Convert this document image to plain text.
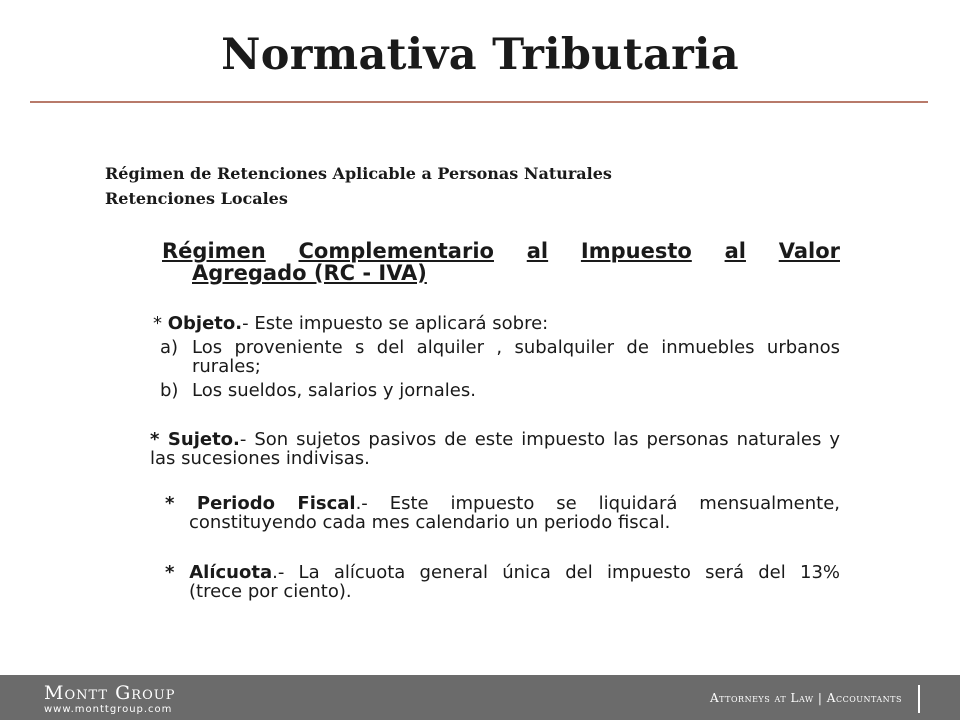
Normativa Tributaria
Régimen de Retenciones Aplicable a Personas Naturales
Retenciones Locales
Régimen Complementario al Impuesto al Valor
Agregado (RC - IVA)
* Objeto.- Este impuesto se aplicará sobre:
a) Los proveniente s del alquiler , subalquiler de inmuebles urbanos rurales;
b) Los sueldos, salarios y jornales.
* Sujeto.- Son sujetos pasivos de este impuesto las personas naturales y las sucesiones indivisas.
* Periodo Fiscal.- Este impuesto se liquidará mensualmente,
constituyendo cada mes calendario un periodo fiscal.
* Alícuota.- La alícuota general única del impuesto será del 13%
(trece por ciento).
Montt Group
www.monttgroup.com
Attorneys at Law | Accountants
